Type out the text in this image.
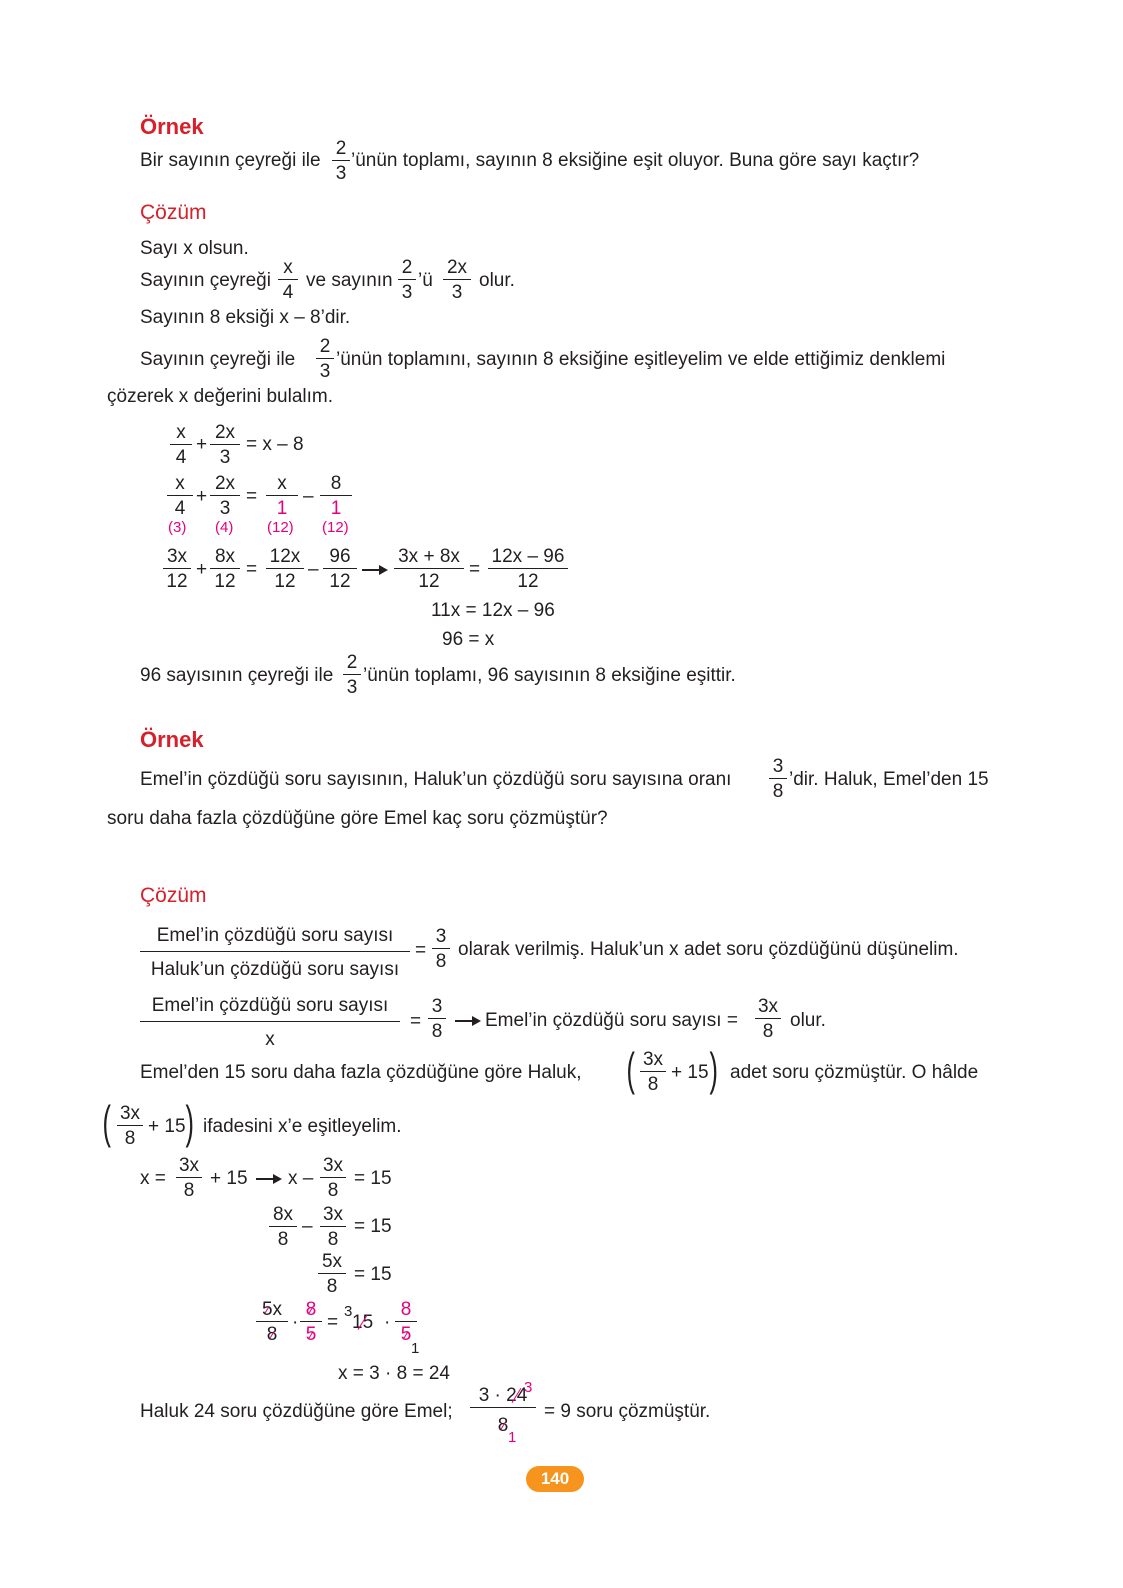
Örnek
Bir sayının çeyreği ile $\frac{2}{3}$ ’ünün toplamı, sayının 8 eksiğine eşit oluyor. Buna göre sayı kaçtır?
Çözüm
Sayı x olsun.
Sayının çeyreği $\frac{x}{4}$ ve sayının $\frac{2}{3}$ ’ü $\frac{2x}{3}$ olur.
Sayının 8 eksiği x – 8’dir.
Sayının çeyreği ile $\frac{2}{3}$ ’ünün toplamını, sayının 8 eksiğine eşitleyelim ve elde ettiğimiz denklemi
çözerek x değerini bulalım.
$\frac{x}{4} + \frac{2x}{3} = x - 8$
$\frac{x}{4} + \frac{2x}{3} = \frac{x}{1} - \frac{8}{1}$
(3) (4) (12) (12)
$\frac{3x}{12} + \frac{8x}{12} = \frac{12x}{12} - \frac{96}{12} \frac{3x + 8x}{12} = \frac{12x - 96}{12}$
11x = 12x – 96
96 = x
96 sayısının çeyreği ile $\frac{2}{3}$ ’ünün toplamı, 96 sayısının 8 eksiğine eşittir.
Örnek
Emel’in çözdüğü soru sayısının, Haluk’un çözdüğü soru sayısına oranı $\frac{3}{8}$ ’dir. Haluk, Emel’den 15
soru daha fazla çözdüğüne göre Emel kaç soru çözmüştür?
Çözüm
Emel’in çözdüğü soru sayısı
Haluk’un çözdüğü soru sayısı
= $\frac{3}{8}$ olarak verilmiş. Haluk’un x adet soru çözdüğünü düşünelim.
Emel’in çözdüğü soru sayısı
x
= $\frac{3}{8}$ Emel’in çözdüğü soru sayısı = $\frac{3x}{8}$ olur.
Emel’den 15 soru daha fazla çözdüğüne göre Haluk, ( $\frac{3x}{8} + 15$ ) adet soru çözmüştür. O hâlde
( $\frac{3x}{8} + 15$ ) ifadesini x’e eşitleyelim.
$x = \frac{3x}{8} + 15$ $x - \frac{3x}{8} = 15$
$\frac{8x}{8} - \frac{3x}{8} = 15$
$\frac{5x}{8} = 15$
$\frac{5x}{8} \cdot \frac{8}{5}$ =
3
$15 \cdot \frac{8}{5}$
1
x = 3 · 8 = 24
Haluk 24 soru çözdüğüne göre Emel; $\frac{3 \cdot 24}{8}$
3
1
= 9 soru çözmüştür.
140
